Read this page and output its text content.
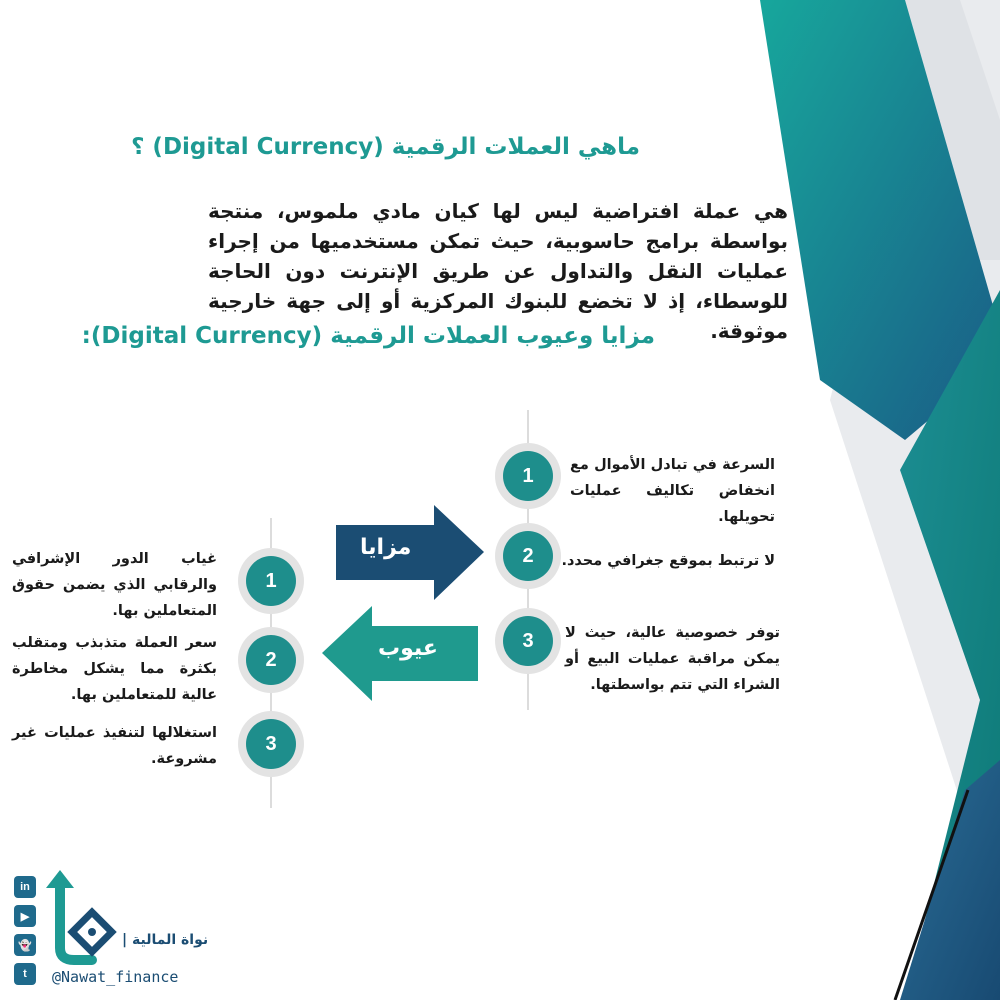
ماهي العملات الرقمية (Digital Currency) ؟
هي عملة افتراضية ليس لها كيان مادي ملموس، منتجة بواسطة برامج حاسوبية، حيث تمكن مستخدميها من إجراء عمليات النقل والتداول عن طريق الإنترنت دون الحاجة للوسطاء، إذ لا تخضع للبنوك المركزية أو إلى جهة خارجية موثوقة.
مزايا وعيوب العملات الرقمية (Digital Currency):
1
2
3
السرعة في تبادل الأموال مع انخفاض تكاليف عمليات تحويلها.
لا ترتبط بموقع جغرافي محدد.
توفر خصوصية عالية، حيث لا يمكن مراقبة عمليات البيع أو الشراء التي تتم بواسطتها.
مزايا
عيوب
1
2
3
غياب الدور الإشرافي والرقابي الذي يضمن حقوق المتعاملين بها.
سعر العملة متذبذب ومتقلب بكثرة مما يشكل مخاطرة عالية للمتعاملين بها.
استغلالها لتنفيذ عمليات غير مشروعة.
in
▶
👻
t
| نواة المالية
@Nawat_finance
